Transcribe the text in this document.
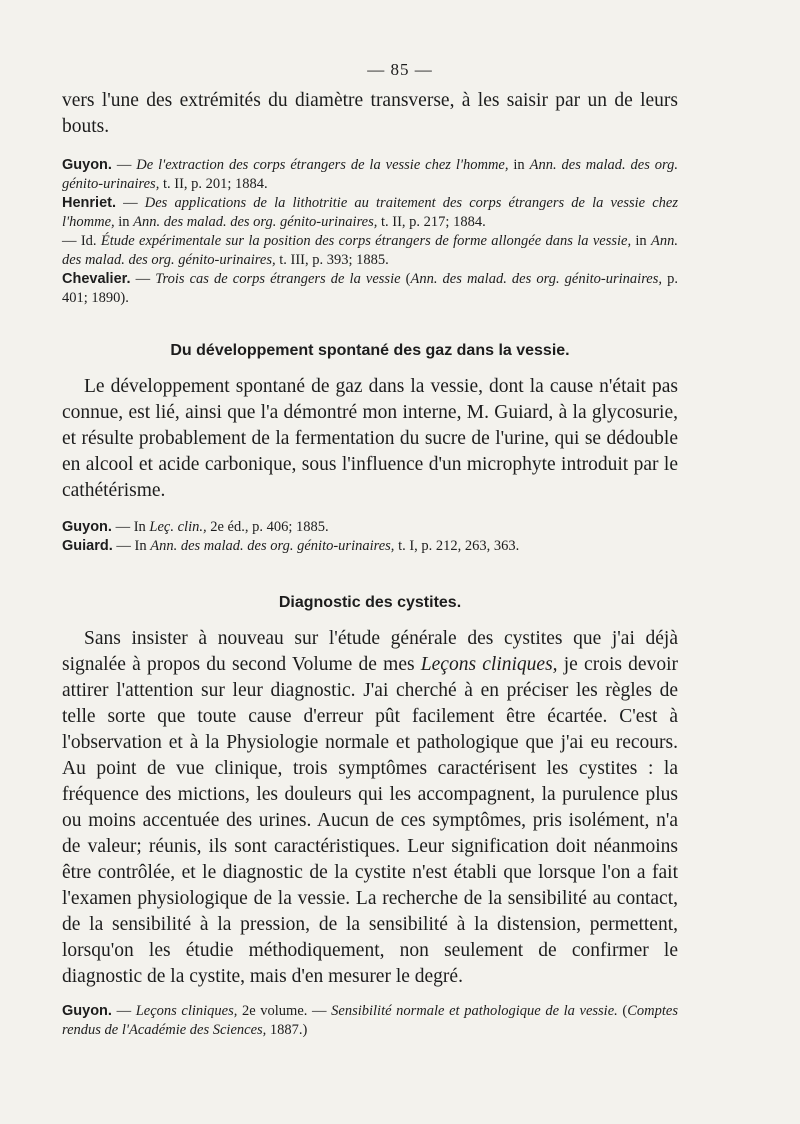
— 85 —

vers l'une des extrémités du diamètre transverse, à les saisir par un de leurs bouts.

Guyon. — De l'extraction des corps étrangers de la vessie chez l'homme, in Ann. des malad. des org. génito-urinaires, t. II, p. 201; 1884.

Henriet. — Des applications de la lithotritie au traitement des corps étrangers de la vessie chez l'homme, in Ann. des malad. des org. génito-urinaires, t. II, p. 217; 1884.

— Id. Étude expérimentale sur la position des corps étrangers de forme allongée dans la vessie, in Ann. des malad. des org. génito-urinaires, t. III, p. 393; 1885.

Chevalier. — Trois cas de corps étrangers de la vessie (Ann. des malad. des org. génito-urinaires, p. 401; 1890).

Du développement spontané des gaz dans la vessie.

Le développement spontané de gaz dans la vessie, dont la cause n'était pas connue, est lié, ainsi que l'a démontré mon interne, M. Guiard, à la glycosurie, et résulte probablement de la fermentation du sucre de l'urine, qui se dédouble en alcool et acide carbonique, sous l'influence d'un microphyte introduit par le cathétérisme.

Guyon. — In Leç. clin., 2e éd., p. 406; 1885.

Guiard. — In Ann. des malad. des org. génito-urinaires, t. I, p. 212, 263, 363.

Diagnostic des cystites.

Sans insister à nouveau sur l'étude générale des cystites que j'ai déjà signalée à propos du second Volume de mes Leçons cliniques, je crois devoir attirer l'attention sur leur diagnostic. J'ai cherché à en préciser les règles de telle sorte que toute cause d'erreur pût facilement être écartée. C'est à l'observation et à la Physiologie normale et pathologique que j'ai eu recours. Au point de vue clinique, trois symptômes caractérisent les cystites : la fréquence des mictions, les douleurs qui les accompagnent, la purulence plus ou moins accentuée des urines. Aucun de ces symptômes, pris isolément, n'a de valeur; réunis, ils sont caractéristiques. Leur signification doit néanmoins être contrôlée, et le diagnostic de la cystite n'est établi que lorsque l'on a fait l'examen physiologique de la vessie. La recherche de la sensibilité au contact, de la sensibilité à la pression, de la sensibilité à la distension, permettent, lorsqu'on les étudie méthodiquement, non seulement de confirmer le diagnostic de la cystite, mais d'en mesurer le degré.

Guyon. — Leçons cliniques, 2e volume. — Sensibilité normale et pathologique de la vessie. (Comptes rendus de l'Académie des Sciences, 1887.)
